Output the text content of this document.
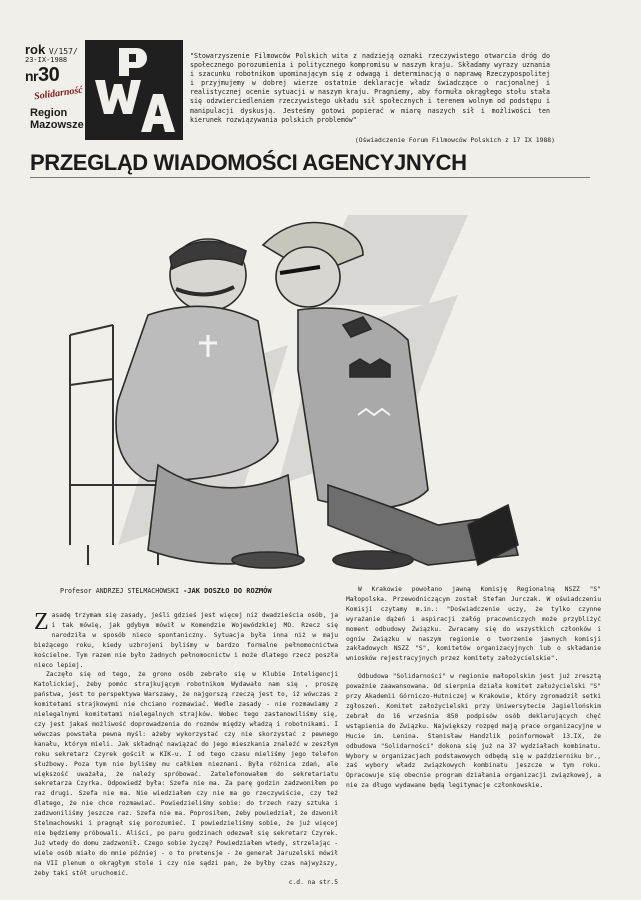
rok V/157/
23-IX-1988
nr30
Solidarność
Region
Mazowsze
"Stowarzyszenie Filmowców Polskich wita z nadzieją oznaki rzeczywistego otwarcia dróg do społecznego porozumienia i politycznego kompromisu w naszym kraju. Składamy wyrazy uznania i szacunku robotnikom upominającym się z odwagą i determinacją o naprawę Rzeczypospolitej i przyjmujemy w dobrej wierze ostatnie deklaracje władz świadczące o racjonalnej i realistycznej ocenie sytuacji w naszym kraju. Pragniemy, aby formuła okrągłego stołu stała się odzwierciedleniem rzeczywistego układu sił społecznych i terenem wolnym od podstępu i manipulacji dyskusją. Jesteśmy gotowi popierać w miarę naszych sił i możliwości ten kierunek rozwiązywania polskich problemów"
(Oświadczenie Forum Filmowców Polskich z 17 IX 1988)
PRZEGLĄD WIADOMOŚCI AGENCYJNYCH
Profesor ANDRZEJ STELMACHOWSKI -JAK DOSZŁO DO ROZMÓW
Z asadę trzymam się zasady, jeśli gdzieś jest więcej niż dwadzieścia osób, ja i tak mówię, jak gdybym mówił w Komendzie Wojewódzkiej MO. Rzecz się narodziła w sposób nieco spontaniczny. Sytuacja była inna niż w maju bieżącego roku, kiedy uzbrojeni byliśmy w bardzo formalne pełnomocnictwa kościelne. Tym razem nie było żadnych pełnomocnictw i może dlatego rzecz poszła nieco lepiej.
Zaczęło się od tego, że grono osób zebrało się w Klubie Inteligencji Katolickiej, żeby pomóc strajkującym robotnikom Wydawało nam się , proszę państwa, jest to perspektywa Warszawy, że najgorszą rzeczą jest to, iż wówczas z komitetami strajkowymi nie chciano rozmawiać. Wedle zasady - nie rozmawiamy z nielegalnymi komitetami nielegalnych strajków. Wobec tego zastanowiliśmy się, czy jest jakaś możliwość doprowadzenia do rozmów między władzą i robotnikami. I wówczas powstała pewna myśl: ażeby wykorzystać czy nie skorzystać z pewnego kanału, którym mieli. Jak składnąć nawiązać do jego mieszkania znaleźć w zeszłym roku sekretarz Czyrek gościł w KIK-u. I od tego czasu mieliśmy jego telefon służbowy. Poza tym nie byliśmy mu całkiem nieznani. Była różnica zdań, ale większość uważała, że należy spróbować. Zatelefonowałem do sekretariatu sekretarza Czyrka. Odpowiedź była: Szefa nie ma. Za parę godzin zadzwoniłem po raz drugi. Szefa nie ma. Nie wiedziałem czy nie ma go rzeczywiście, czy też dlatego, że nie chce rozmawiać. Powiedzieliśmy sobie: do trzech razy sztuka i zadzwoniliśmy jeszcze raz. Szefa nie ma. Poprosiłem, żeby powiedział, że dzwonił Stelmachowski i pragnął się porozumieć. I powiedzieliśmy sobie, że już więcej nie będziemy próbowali. Aliści, po paru godzinach odezwał się sekretarz Czyrek. Już wtedy do domu zadzwonił. Czego sobie życzę? Powiedziałem wtedy, strzelając - wiele osób miało do mnie później - o to pretensje - że generał Jaruzelski mówił na VII plenum o okrągłym stole i czy nie sądzi pan, że byłby czas najwyższy, żeby taki stół uruchomić.
c.d. na str.5
W Krakowie powołano jawną Komisję Regionalną NSZZ "S" Małopolska. Przewodniczącym został Stefan Jurczak. W oświadczeniu Komisji czytamy m.in.: "Doświadczenie uczy, że tylko czynne wyrażanie dążeń i aspiracji załóg pracowniczych może przybliżyć moment odbudowy Związku. Zwracamy się do wszystkich członków i ogniw Związku w naszym regionie o tworzenie jawnych komisji zakładowych NSZZ "S", komitetów organizacyjnych lub o składanie wniosków rejestracyjnych przez komitety założycielskie".
Odbudowa "Solidarności" w regionie małopolskim jest już zresztą poważnie zaawansowana. Od sierpnia działa komitet założycielski "S" przy Akademii Górniczo-Hutniczej w Krakowie, który zgromadził setki zgłoszeń. Komitet założycielski przy Uniwersytecie Jagiellońskim zebrał do 16 września 850 podpisów osób deklarujących chęć wstąpienia do Związku. Największy rozpęd mają prace organizacyjne w Hucie im. Lenina. Stanisław Handzlik poinformował 13.IX, że odbudowa "Solidarności" dokona się już na 37 wydziałach kombinatu. Wybory w organizacjach podstawowych odbędą się w październiku br., zaś wybory władz związkowych kombinatu jeszcze w tym roku. Opracowuje się obecnie program działania organizacji związkowej, a nie za długo wydawane będą legitymacje członkowskie.
